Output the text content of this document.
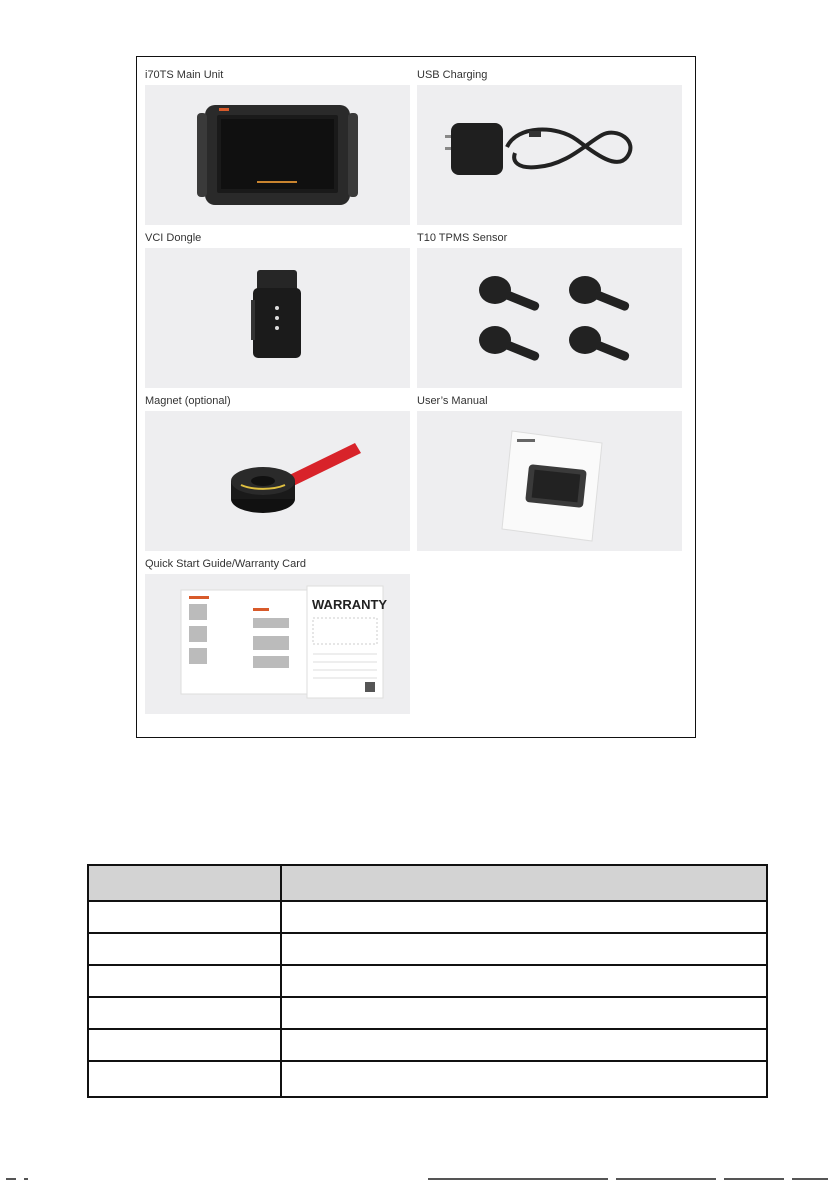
i70TS Main Unit	USB Charging
VCI Dongle	T10 TPMS Sensor
Magnet (optional)	User’s Manual
Quick Start Guide/Warranty Card
WARRANTY
